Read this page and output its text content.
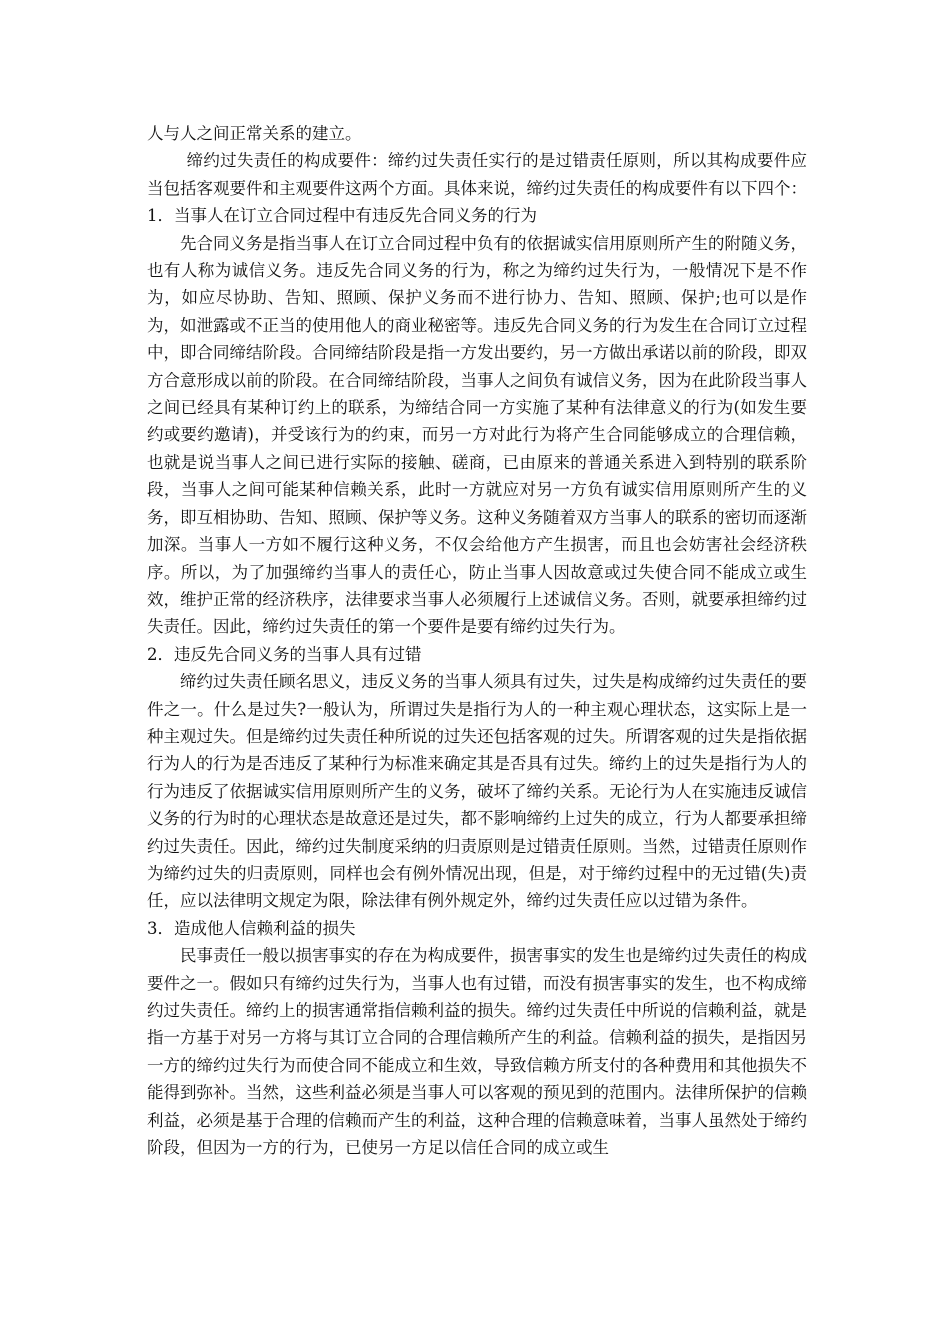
人与人之间正常关系的建立。

缔约过失责任的构成要件：缔约过失责任实行的是过错责任原则，所以其构成要件应当包括客观要件和主观要件这两个方面。具体来说，缔约过失责任的构成要件有以下四个：

1．当事人在订立合同过程中有违反先合同义务的行为

先合同义务是指当事人在订立合同过程中负有的依据诚实信用原则所产生的附随义务，也有人称为诚信义务。违反先合同义务的行为，称之为缔约过失行为，一般情况下是不作为，如应尽协助、告知、照顾、保护义务而不进行协力、告知、照顾、保护;也可以是作为，如泄露或不正当的使用他人的商业秘密等。违反先合同义务的行为发生在合同订立过程中，即合同缔结阶段。合同缔结阶段是指一方发出要约，另一方做出承诺以前的阶段，即双方合意形成以前的阶段。在合同缔结阶段，当事人之间负有诚信义务，因为在此阶段当事人之间已经具有某种订约上的联系，为缔结合同一方实施了某种有法律意义的行为(如发生要约或要约邀请)，并受该行为的约束，而另一方对此行为将产生合同能够成立的合理信赖，也就是说当事人之间已进行实际的接触、磋商，已由原来的普通关系进入到特别的联系阶段，当事人之间可能某种信赖关系，此时一方就应对另一方负有诚实信用原则所产生的义务，即互相协助、告知、照顾、保护等义务。这种义务随着双方当事人的联系的密切而逐渐加深。当事人一方如不履行这种义务，不仅会给他方产生损害，而且也会妨害社会经济秩序。所以，为了加强缔约当事人的责任心，防止当事人因故意或过失使合同不能成立或生效，维护正常的经济秩序，法律要求当事人必须履行上述诚信义务。否则，就要承担缔约过失责任。因此，缔约过失责任的第一个要件是要有缔约过失行为。

2．违反先合同义务的当事人具有过错

缔约过失责任顾名思义，违反义务的当事人须具有过失，过失是构成缔约过失责任的要件之一。什么是过失?一般认为，所谓过失是指行为人的一种主观心理状态，这实际上是一种主观过失。但是缔约过失责任种所说的过失还包括客观的过失。所谓客观的过失是指依据行为人的行为是否违反了某种行为标准来确定其是否具有过失。缔约上的过失是指行为人的行为违反了依据诚实信用原则所产生的义务，破坏了缔约关系。无论行为人在实施违反诚信义务的行为时的心理状态是故意还是过失，都不影响缔约上过失的成立，行为人都要承担缔约过失责任。因此，缔约过失制度采纳的归责原则是过错责任原则。当然，过错责任原则作为缔约过失的归责原则，同样也会有例外情况出现，但是，对于缔约过程中的无过错(失)责任，应以法律明文规定为限，除法律有例外规定外，缔约过失责任应以过错为条件。

3．造成他人信赖利益的损失

民事责任一般以损害事实的存在为构成要件，损害事实的发生也是缔约过失责任的构成要件之一。假如只有缔约过失行为，当事人也有过错，而没有损害事实的发生，也不构成缔约过失责任。缔约上的损害通常指信赖利益的损失。缔约过失责任中所说的信赖利益，就是指一方基于对另一方将与其订立合同的合理信赖所产生的利益。信赖利益的损失，是指因另一方的缔约过失行为而使合同不能成立和生效，导致信赖方所支付的各种费用和其他损失不能得到弥补。当然，这些利益必须是当事人可以客观的预见到的范围内。法律所保护的信赖利益，必须是基于合理的信赖而产生的利益，这种合理的信赖意味着，当事人虽然处于缔约阶段，但因为一方的行为，已使另一方足以信任合同的成立或生
